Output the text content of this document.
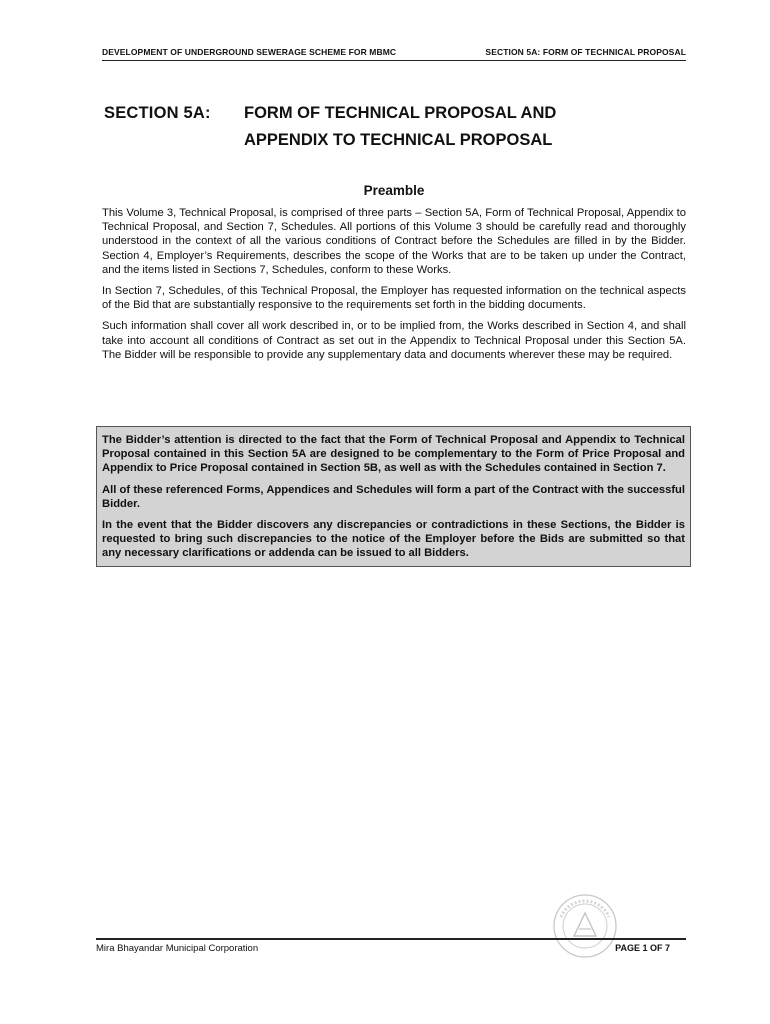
DEVELOPMENT OF UNDERGROUND SEWERAGE SCHEME FOR MBMC	SECTION 5A: FORM OF TECHNICAL PROPOSAL
SECTION 5A: FORM OF TECHNICAL PROPOSAL AND
APPENDIX TO TECHNICAL PROPOSAL
Preamble

This Volume 3, Technical Proposal, is comprised of three parts – Section 5A, Form of Technical Proposal, Appendix to Technical Proposal, and Section 7, Schedules. All portions of this Volume 3 should be carefully read and thoroughly understood in the context of all the various conditions of Contract before the Schedules are filled in by the Bidder. Section 4, Employer’s Requirements, describes the scope of the Works that are to be taken up under the Contract, and the items listed in Sections 7, Schedules, conform to these Works.

In Section 7, Schedules, of this Technical Proposal, the Employer has requested information on the technical aspects of the Bid that are substantially responsive to the requirements set forth in the bidding documents.

Such information shall cover all work described in, or to be implied from, the Works described in Section 4, and shall take into account all conditions of Contract as set out in the Appendix to Technical Proposal under this Section 5A. The Bidder will be responsible to provide any supplementary data and documents wherever these may be required.

The Bidder’s attention is directed to the fact that the Form of Technical Proposal and Appendix to Technical Proposal contained in this Section 5A are designed to be complementary to the Form of Price Proposal and Appendix to Price Proposal contained in Section 5B, as well as with the Schedules contained in Section 7.

All of these referenced Forms, Appendices and Schedules will form a part of the Contract with the successful Bidder.

In the event that the Bidder discovers any discrepancies or contradictions in these Sections, the Bidder is requested to bring such discrepancies to the notice of the Employer before the Bids are submitted so that any necessary clarifications or addenda can be issued to all Bidders.

Mira Bhayandar Municipal Corporation	PAGE 1 OF 7
